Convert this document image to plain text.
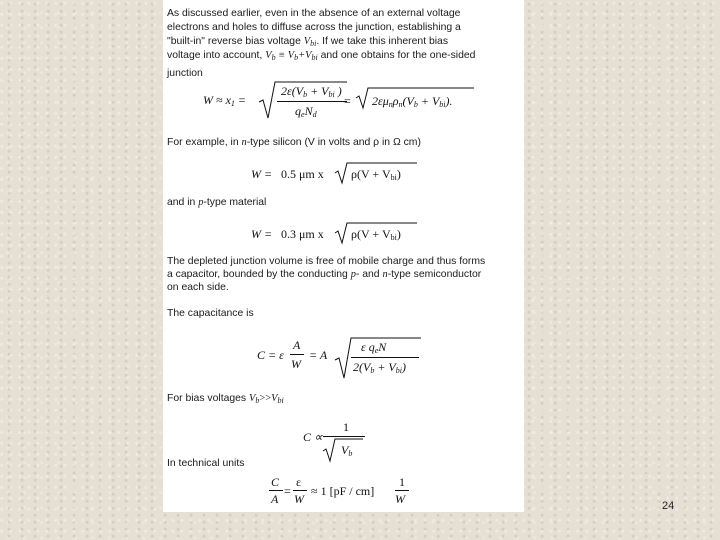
As discussed earlier, even in the absence of an external voltage
electrons and holes to diffuse across the junction, establishing a
"built-in" reverse bias voltage $V_{bi}$. If we take this inherent bias
voltage into account, $V_b \equiv V_b+V_{bi}$ and one obtains for the one-sided
junction
$W \approx x_1$ =
$2\varepsilon(V_b + V_{bi}$ )
$q_eN_d$
= $2\varepsilon\mu_n\rho_n(V_b + V_{bi})$.
For example, in n-type silicon (V in volts and ρ in Ω cm)
W = 0.5 μm x $\rho(V + V_{bi})$
and in p-type material
W = 0.3 μm x $\rho(V + V_{bi})$
The depleted junction volume is free of mobile charge and thus forms
a capacitor, bounded by the conducting p- and n-type semiconductor
on each side.
The capacitance is
C = ε
A
W
= A
ε $q_eN$
$2(V_b + V_{bi})$
For bias voltages $V_b>>V_{bi}$
C ∝
1
$V_b$
In technical units
C
A
=
ε
W
≈ 1 [pF / cm]
1
W	24
